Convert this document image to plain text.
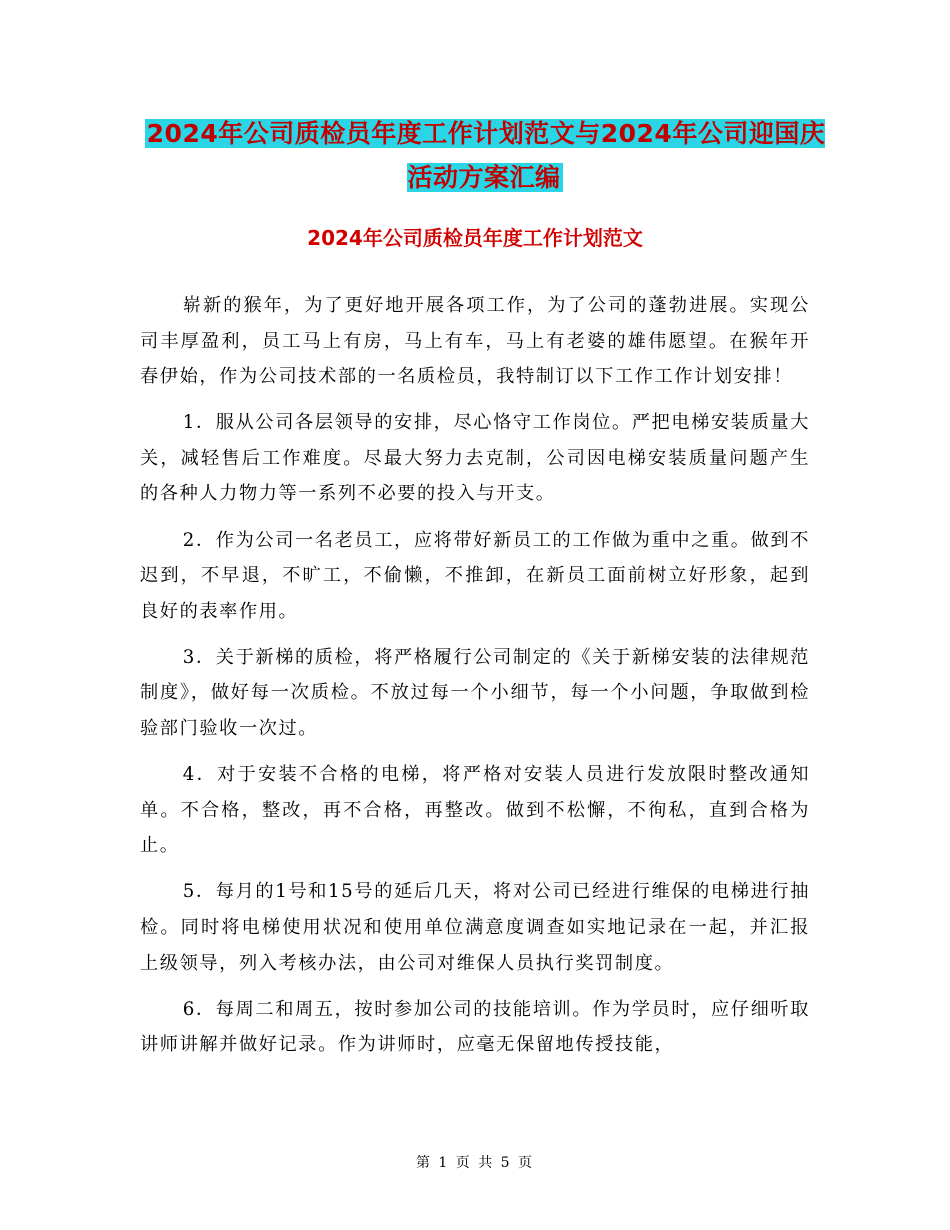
2024年公司质检员年度工作计划范文与2024年公司迎国庆活动方案汇编
2024年公司质检员年度工作计划范文

崭新的猴年，为了更好地开展各项工作，为了公司的蓬勃进展。实现公司丰厚盈利，员工马上有房，马上有车，马上有老婆的雄伟愿望。在猴年开春伊始，作为公司技术部的一名质检员，我特制订以下工作工作计划安排！

1．服从公司各层领导的安排，尽心恪守工作岗位。严把电梯安装质量大关，减轻售后工作难度。尽最大努力去克制，公司因电梯安装质量问题产生的各种人力物力等一系列不必要的投入与开支。

2．作为公司一名老员工，应将带好新员工的工作做为重中之重。做到不迟到，不早退，不旷工，不偷懒，不推卸，在新员工面前树立好形象，起到良好的表率作用。

3．关于新梯的质检，将严格履行公司制定的《关于新梯安装的法律规范制度》，做好每一次质检。不放过每一个小细节，每一个小问题，争取做到检验部门验收一次过。

4．对于安装不合格的电梯，将严格对安装人员进行发放限时整改通知单。不合格，整改，再不合格，再整改。做到不松懈，不徇私，直到合格为止。

5．每月的1号和15号的延后几天，将对公司已经进行维保的电梯进行抽检。同时将电梯使用状况和使用单位满意度调查如实地记录在一起，并汇报上级领导，列入考核办法，由公司对维保人员执行奖罚制度。

6．每周二和周五，按时参加公司的技能培训。作为学员时，应仔细听取讲师讲解并做好记录。作为讲师时，应毫无保留地传授技能，

第 1 页 共 5 页
